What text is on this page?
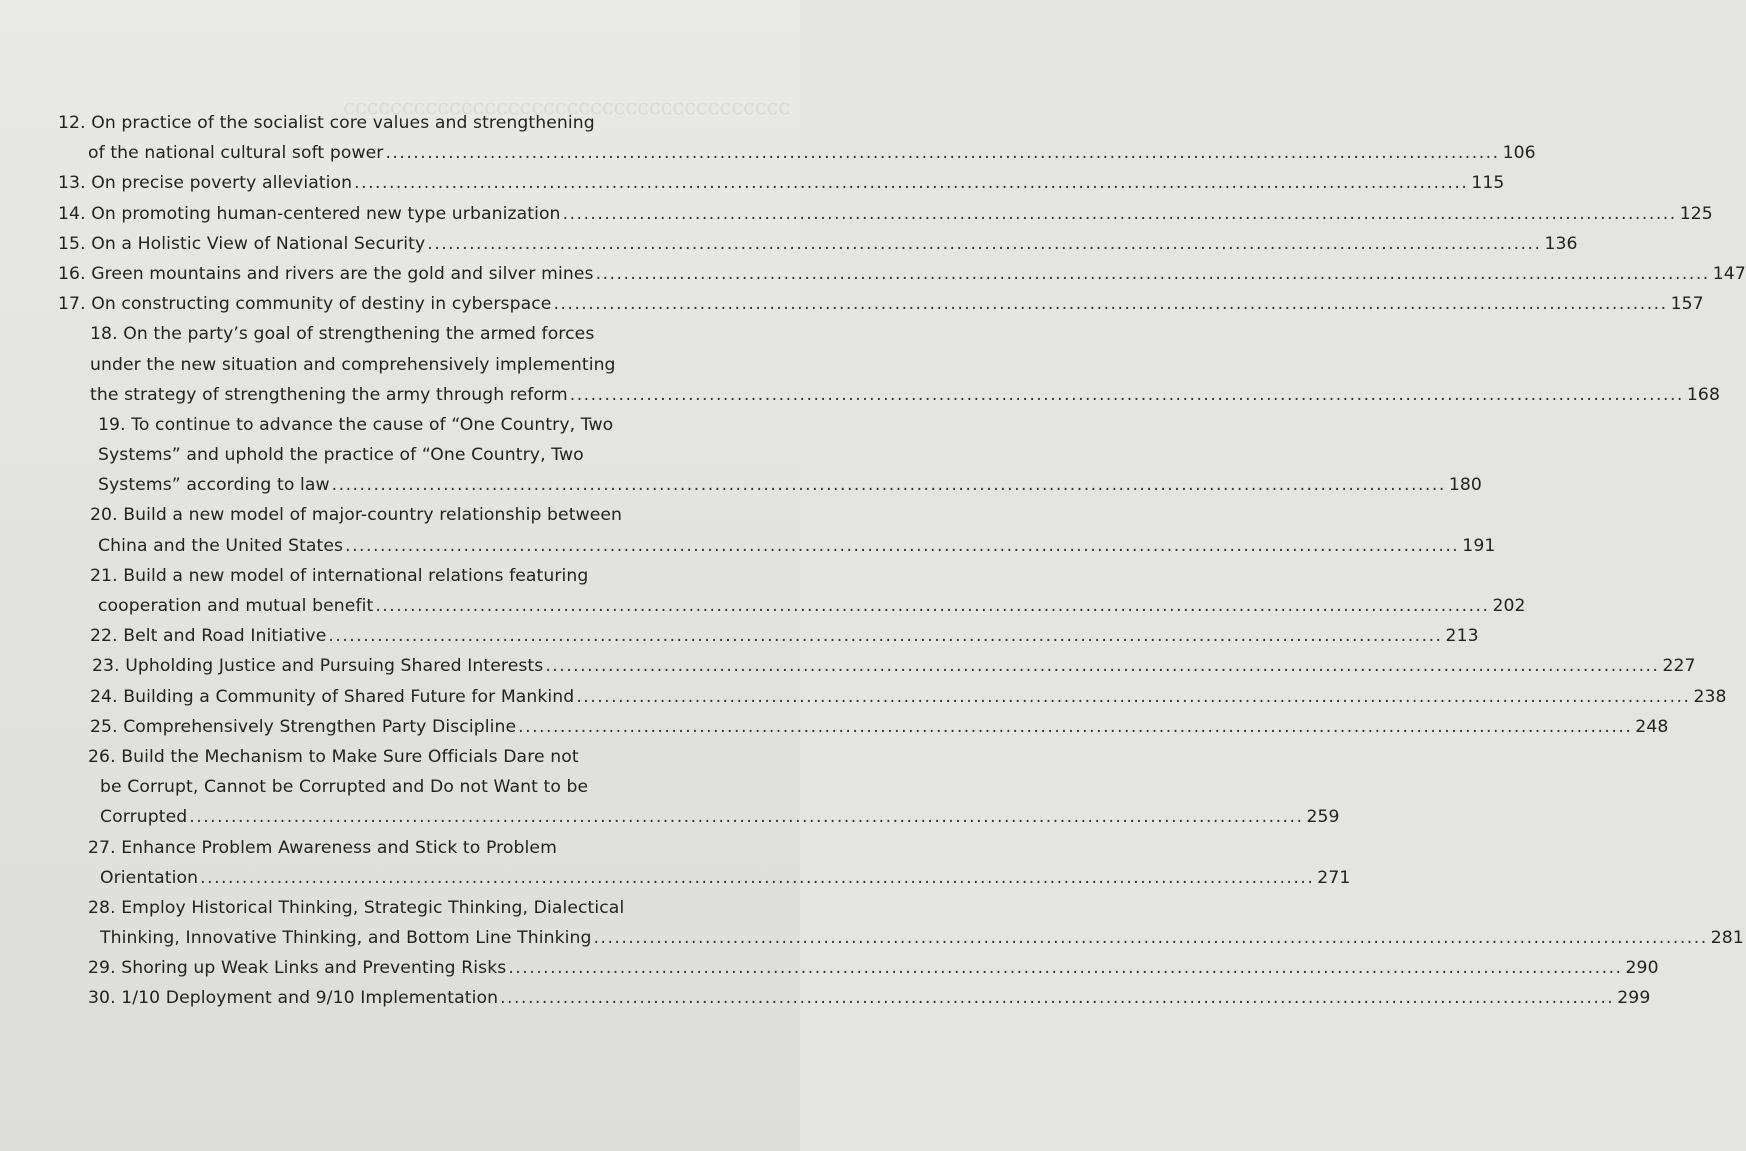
ᴐᴐᴐᴐᴐᴐᴐᴐᴐᴐᴐᴐᴐᴐᴐᴐᴐᴐᴐᴐᴐᴐᴐᴐᴐᴐᴐᴐᴐᴐᴐᴐᴐᴐᴐᴐᴐᴐ
12. On practice of the socialist core values and strengthening
of the national cultural soft power ................................................................................................................................................................ 106
13. On precise poverty alleviation ................................................................................................................................................................ 115
14. On promoting human-centered new type urbanization ................................................................................................................................................................ 125
15. On a Holistic View of National Security ................................................................................................................................................................ 136
16. Green mountains and rivers are the gold and silver mines ................................................................................................................................................................ 147
17. On constructing community of destiny in cyberspace ................................................................................................................................................................ 157
18. On the party’s goal of strengthening the armed forces
under the new situation and comprehensively implementing
the strategy of strengthening the army through reform ................................................................................................................................................................ 168
19. To continue to advance the cause of “One Country, Two
Systems” and uphold the practice of “One Country, Two
Systems” according to law ................................................................................................................................................................ 180
20. Build a new model of major-country relationship between
China and the United States ................................................................................................................................................................ 191
21. Build a new model of international relations featuring
cooperation and mutual benefit ................................................................................................................................................................ 202
22. Belt and Road Initiative ................................................................................................................................................................ 213
23. Upholding Justice and Pursuing Shared Interests ................................................................................................................................................................ 227
24. Building a Community of Shared Future for Mankind ................................................................................................................................................................ 238
25. Comprehensively Strengthen Party Discipline ................................................................................................................................................................ 248
26. Build the Mechanism to Make Sure Officials Dare not
be Corrupt, Cannot be Corrupted and Do not Want to be
Corrupted ................................................................................................................................................................ 259
27. Enhance Problem Awareness and Stick to Problem
Orientation ................................................................................................................................................................ 271
28. Employ Historical Thinking, Strategic Thinking, Dialectical
Thinking, Innovative Thinking, and Bottom Line Thinking ................................................................................................................................................................ 281
29. Shoring up Weak Links and Preventing Risks ................................................................................................................................................................ 290
30. 1/10 Deployment and 9/10 Implementation ................................................................................................................................................................ 299
